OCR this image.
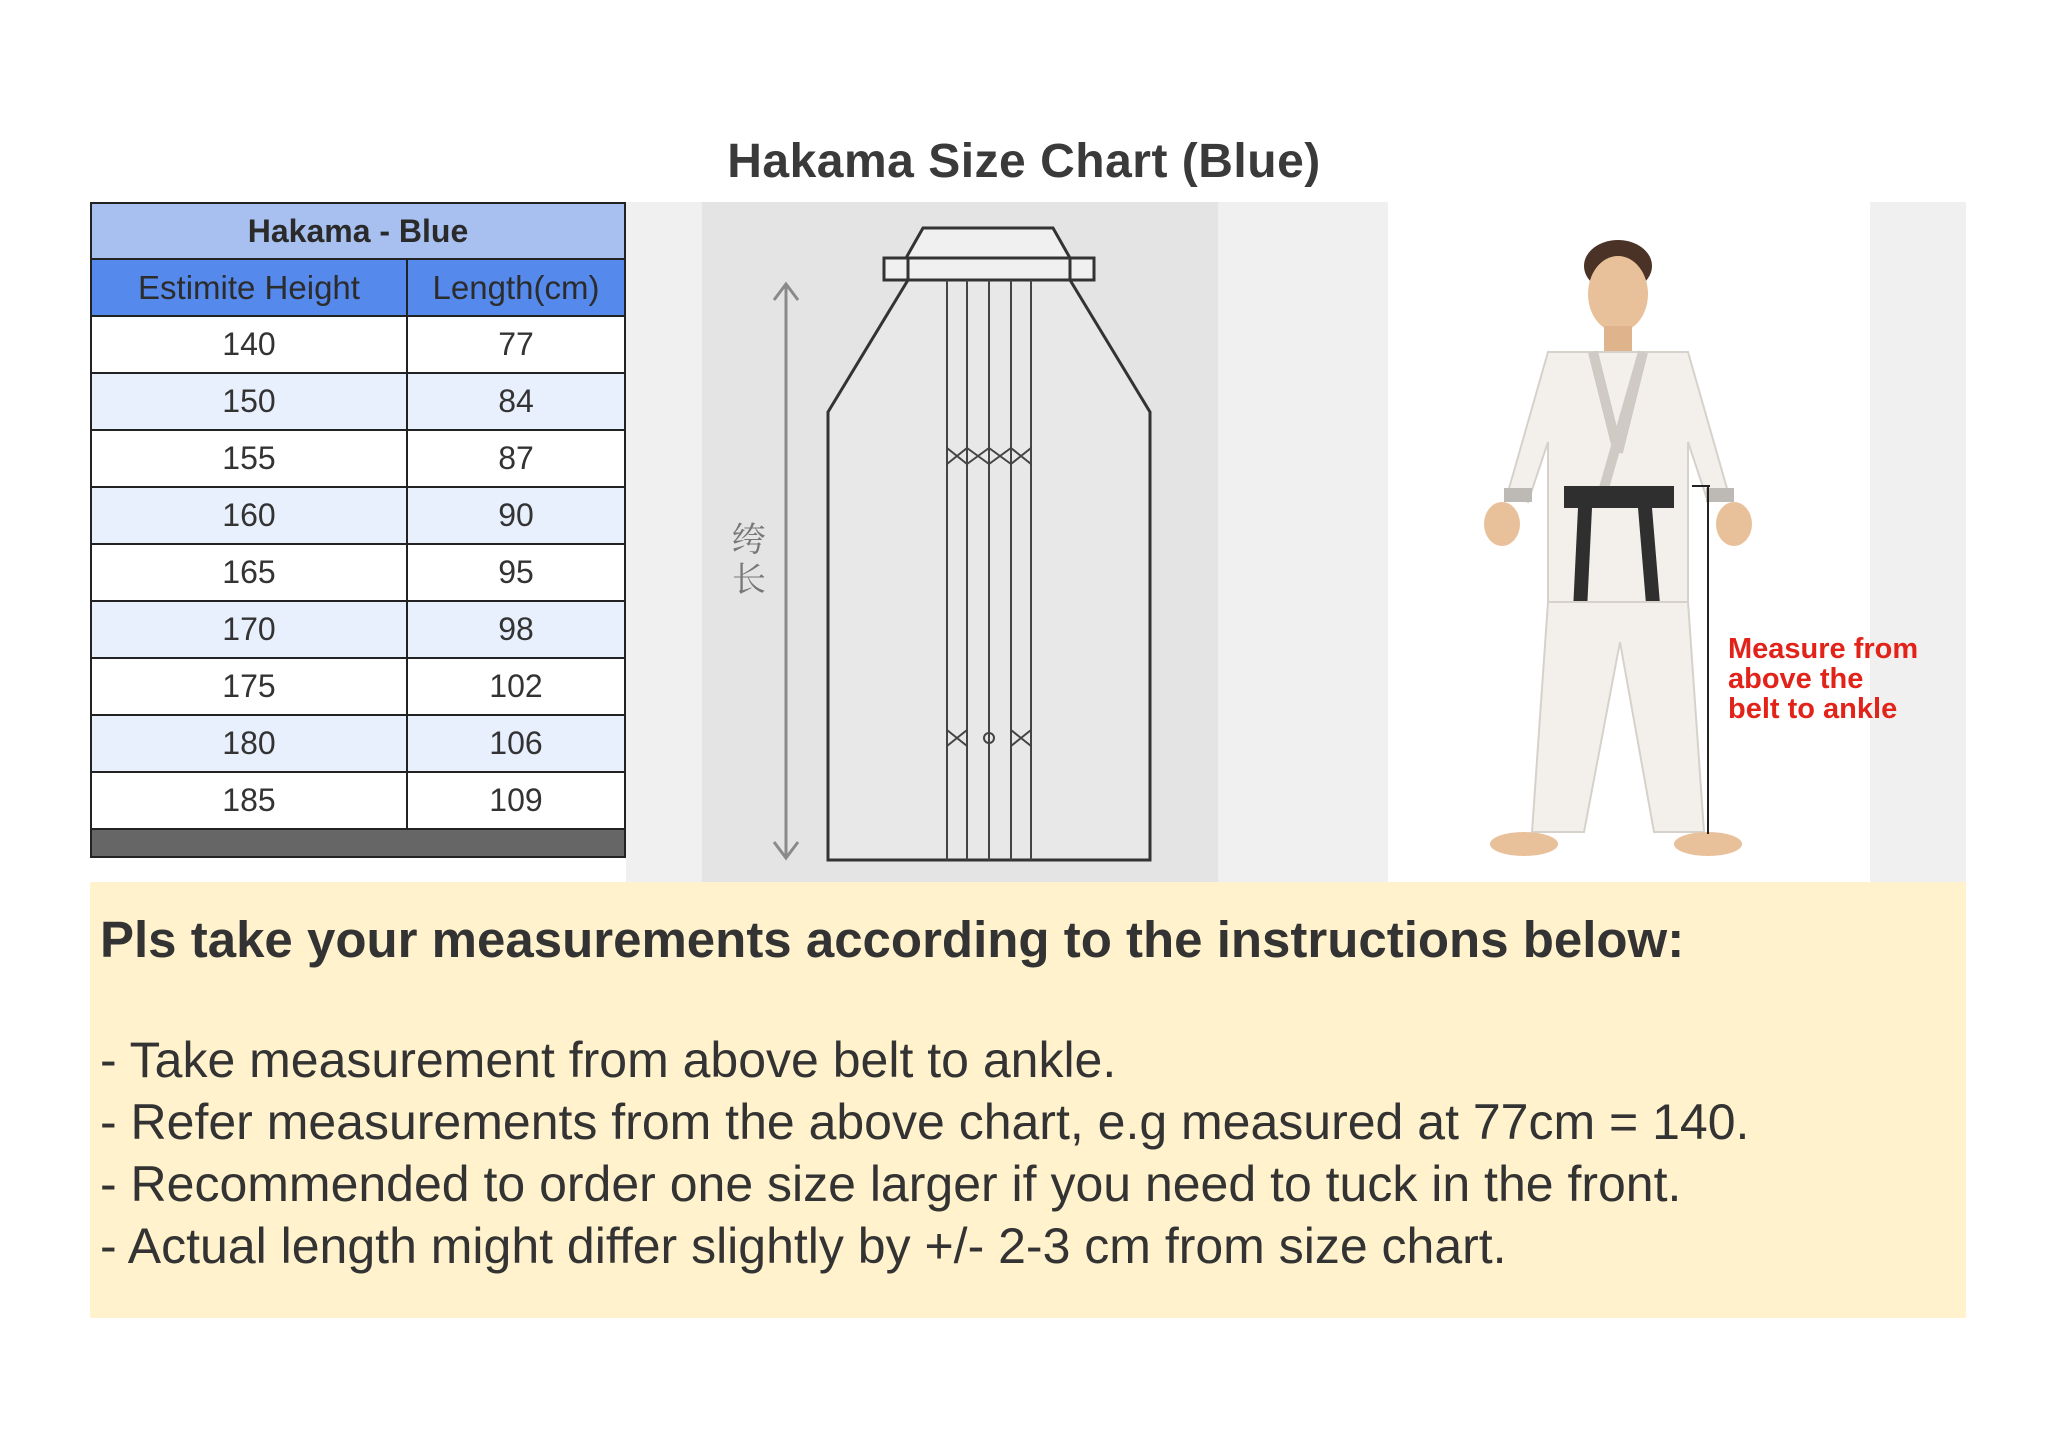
Hakama Size Chart (Blue)
Hakama - Blue
Estimite Height	Length(cm)
140	77
150	84
155	87
160	90
165	95
170	98
175	102
180	106
185	109
绔长
Measure from
above the
belt to ankle
Pls take your measurements according to the instructions below:
- Take measurement from above belt to ankle.
- Refer measurements from the above chart, e.g measured at 77cm = 140.
- Recommended to order one size larger if you need to tuck in the front.
- Actual length might differ slightly by +/- 2-3 cm from size chart.
